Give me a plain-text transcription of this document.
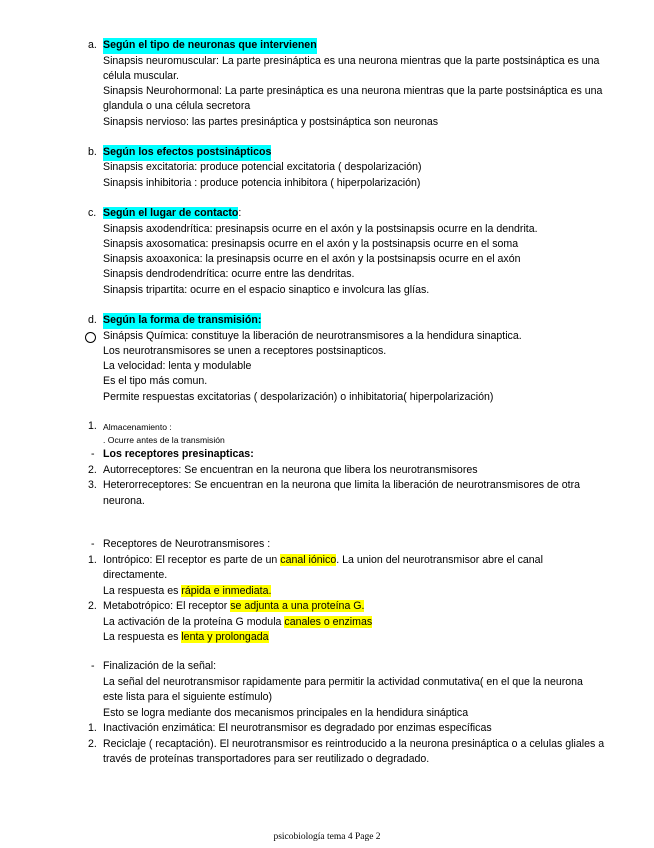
a. Según el tipo de neuronas que intervienen
Sinapsis neuromuscular: La parte presináptica es una neurona mientras que la parte postsináptica es una
célula muscular.
Sinapsis Neurohormonal: La parte presináptica es una neurona mientras que la parte postsináptica es una
glandula o una célula secretora
Sinapsis nervioso: las partes presináptica y postsináptica son neuronas
b. Según los efectos postsinápticos
Sinapsis excitatoria: produce potencial excitatoria ( despolarización)
Sinapsis inhibitoria : produce potencia inhibitora ( hiperpolarización)
c. Según el lugar de contacto:
Sinapsis axodendrítica: presinapsis ocurre en el axón y la postsinapsis ocurre en la dendrita.
Sinapsis axosomatica: presinapsis ocurre en el axón y la postsinapsis ocurre en el soma
Sinapsis axoaxonica: la presinapsis ocurre en el axón y la postsinapsis ocurre en el axón
Sinapsis dendrodendrítica: ocurre entre las dendritas.
Sinapsis tripartita: ocurre en el espacio sinaptico e involcura las glías.
d. Según la forma de transmisión:
Sinápsis Química: constituye la liberación de neurotransmisores a la hendidura sinaptica.
Los neurotransmisores se unen a receptores postsinapticos.
La velocidad: lenta y modulable
Es el tipo más comun.
Permite respuestas excitatorias ( despolarización) o inhibitatoria( hiperpolarización)
1. Almacenamiento :
. Ocurre antes de la transmisión
- Los receptores presinapticas:
2. Autorreceptores: Se encuentran en la neurona que libera los neurotransmisores
3. Heterorreceptores: Se encuentran en la neurona que limita la liberación de neurotransmisores de otra
neurona.
- Receptores de Neurotransmisores :
1. Iontrópico: El receptor es parte de un canal iónico. La union del neurotransmisor abre el canal
directamente.
La respuesta es rápida e inmediata.
2. Metabotrópico: El receptor se adjunta a una proteína G.
La activación de la proteína G modula canales o enzimas
La respuesta es lenta y prolongada
- Finalización de la señal:
La señal del neurotransmisor rapidamente para permitir la actividad conmutativa( en el que la neurona
este lista para el siguiente estímulo)
Esto se logra mediante dos mecanismos principales en la hendidura sináptica
1. Inactivación enzimática: El neurotransmisor es degradado por enzimas específicas
2. Reciclaje ( recaptación). El neurotransmisor es reintroducido a la neurona presináptica o a celulas gliales a
través de proteínas transportadores para ser reutilizado o degradado.
psicobiología tema 4 Page 2
